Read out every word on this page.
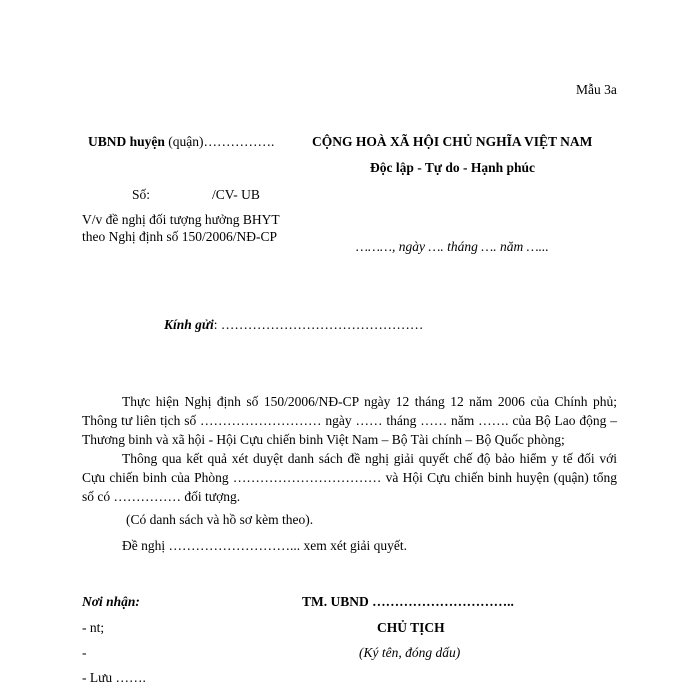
Mẫu 3a
UBND huyện (quận)…………….	CỘNG HOÀ XÃ HỘI CHỦ NGHĨA VIỆT NAM
Độc lập - Tự do - Hạnh phúc
Số:	/CV- UB
V/v đề nghị đối tượng hưởng BHYT
theo Nghị định số 150/2006/NĐ-CP
………, ngày …. tháng …. năm …...
Kính gửi: ………………………………………
Thực hiện Nghị định số 150/2006/NĐ-CP ngày 12 tháng 12 năm 2006 của Chính phủ; Thông tư liên tịch số ……………………… ngày …… tháng …… năm ……. của Bộ Lao động –Thương binh và xã hội - Hội Cựu chiến binh Việt Nam – Bộ Tài chính – Bộ Quốc phòng;
Thông qua kết quả xét duyệt danh sách đề nghị giải quyết chế độ bảo hiểm y tế đối với Cựu chiến binh của Phòng …………………………… và Hội Cựu chiến binh huyện (quận) tổng số có …………… đối tượng.
(Có danh sách và hồ sơ kèm theo).
Đề nghị ………………………... xem xét giải quyết.
Nơi nhận:
- nt;
-
- Lưu …….
TM. UBND …………………………..
CHỦ TỊCH
(Ký tên, đóng dấu)
